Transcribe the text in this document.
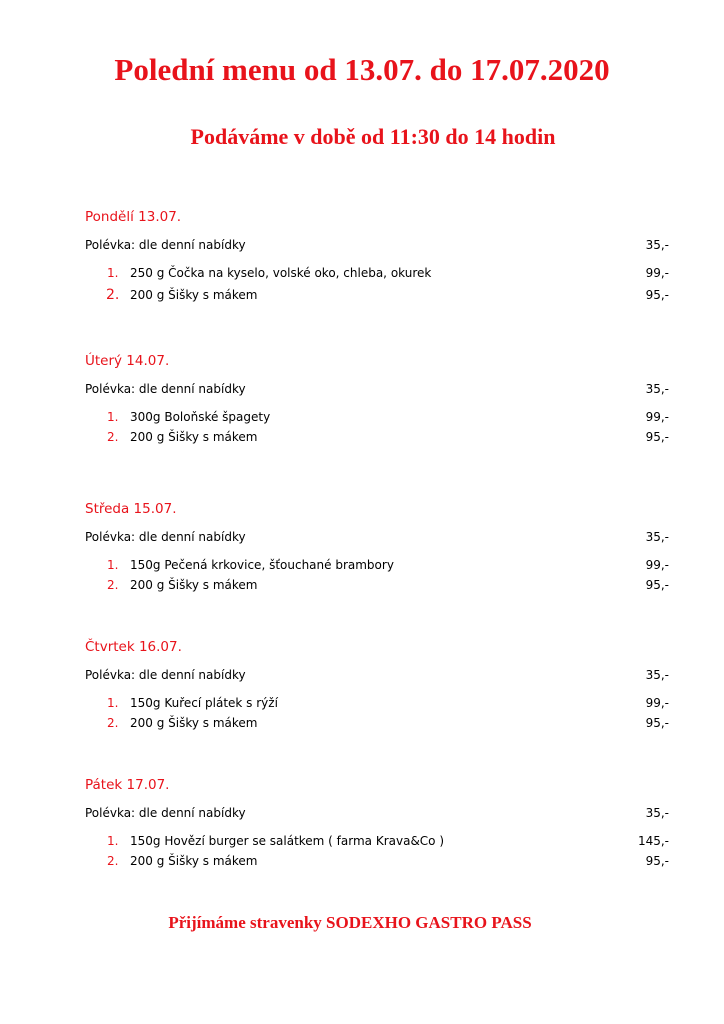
Polední menu od 13.07. do 17.07.2020
Podáváme v době od 11:30 do 14 hodin
Pondělí 13.07.
Polévka: dle denní nabídky	35,-
1. 250 g Čočka na kyselo, volské oko, chleba, okurek	99,-
2. 200 g Šišky s mákem	95,-
Úterý 14.07.
Polévka: dle denní nabídky	35,-
1. 300g Boloňské špagety	99,-
2. 200 g Šišky s mákem	95,-
Středa 15.07.
Polévka: dle denní nabídky	35,-
1. 150g Pečená krkovice, šťouchané brambory	99,-
2. 200 g Šišky s mákem	95,-
Čtvrtek 16.07.
Polévka: dle denní nabídky	35,-
1. 150g Kuřecí plátek s rýží	99,-
2. 200 g Šišky s mákem	95,-
Pátek 17.07.
Polévka: dle denní nabídky	35,-
1. 150g Hovězí burger se salátkem ( farma Krava&Co )	145,-
2. 200 g Šišky s mákem	95,-

Přijímáme stravenky SODEXHO GASTRO PASS
